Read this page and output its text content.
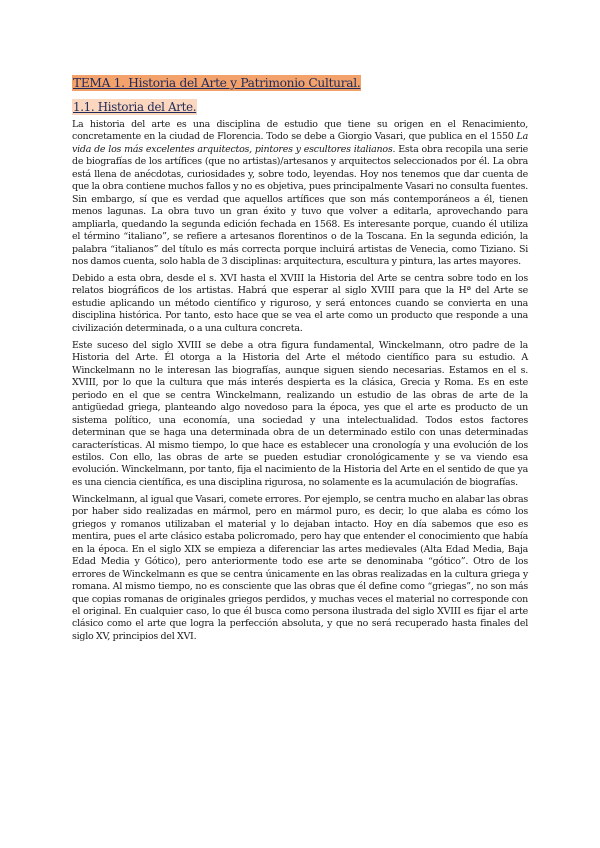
TEMA 1. Historia del Arte y Patrimonio Cultural.
1.1. Historia del Arte.

La historia del arte es una disciplina de estudio que tiene su origen en el Renacimiento, concretamente en la ciudad de Florencia. Todo se debe a Giorgio Vasari, que publica en el 1550 La vida de los más excelentes arquitectos, pintores y escultores italianos. Esta obra recopila una serie de biografías de los artífices (que no artistas)/artesanos y arquitectos seleccionados por él. La obra está llena de anécdotas, curiosidades y, sobre todo, leyendas. Hoy nos tenemos que dar cuenta de que la obra contiene muchos fallos y no es objetiva, pues principalmente Vasari no consulta fuentes. Sin embargo, sí que es verdad que aquellos artífices que son más contemporáneos a él, tienen menos lagunas. La obra tuvo un gran éxito y tuvo que volver a editarla, aprovechando para ampliarla, quedando la segunda edición fechada en 1568. Es interesante porque, cuando él utiliza el término “italiano”, se refiere a artesanos florentinos o de la Toscana. En la segunda edición, la palabra “italianos” del título es más correcta porque incluirá artistas de Venecia, como Tiziano. Si nos damos cuenta, solo habla de 3 disciplinas: arquitectura, escultura y pintura, las artes mayores.

Debido a esta obra, desde el s. XVI hasta el XVIII la Historia del Arte se centra sobre todo en los relatos biográficos de los artistas. Habrá que esperar al siglo XVIII para que la Hª del Arte se estudie aplicando un método científico y riguroso, y será entonces cuando se convierta en una disciplina histórica. Por tanto, esto hace que se vea el arte como un producto que responde a una civilización determinada, o a una cultura concreta.

Este suceso del siglo XVIII se debe a otra figura fundamental, Winckelmann, otro padre de la Historia del Arte. Él otorga a la Historia del Arte el método científico para su estudio. A Winckelmann no le interesan las biografías, aunque siguen siendo necesarias. Estamos en el s. XVIII, por lo que la cultura que más interés despierta es la clásica, Grecia y Roma. Es en este periodo en el que se centra Winckelmann, realizando un estudio de las obras de arte de la antigüedad griega, planteando algo novedoso para la época, yes que el arte es producto de un sistema político, una economía, una sociedad y una intelectualidad. Todos estos factores determinan que se haga una determinada obra de un determinado estilo con unas determinadas características. Al mismo tiempo, lo que hace es establecer una cronología y una evolución de los estilos. Con ello, las obras de arte se pueden estudiar cronológicamente y se va viendo esa evolución. Winckelmann, por tanto, fija el nacimiento de la Historia del Arte en el sentido de que ya es una ciencia científica, es una disciplina rigurosa, no solamente es la acumulación de biografías.

Winckelmann, al igual que Vasari, comete errores. Por ejemplo, se centra mucho en alabar las obras por haber sido realizadas en mármol, pero en mármol puro, es decir, lo que alaba es cómo los griegos y romanos utilizaban el material y lo dejaban intacto. Hoy en día sabemos que eso es mentira, pues el arte clásico estaba policromado, pero hay que entender el conocimiento que había en la época. En el siglo XIX se empieza a diferenciar las artes medievales (Alta Edad Media, Baja Edad Media y Gótico), pero anteriormente todo ese arte se denominaba “gótico”. Otro de los errores de Winckelmann es que se centra únicamente en las obras realizadas en la cultura griega y romana. Al mismo tiempo, no es consciente que las obras que él define como “griegas”, no son más que copias romanas de originales griegos perdidos, y muchas veces el material no corresponde con el original. En cualquier caso, lo que él busca como persona ilustrada del siglo XVIII es fijar el arte clásico como el arte que logra la perfección absoluta, y que no será recuperado hasta finales del siglo XV, principios del XVI.
